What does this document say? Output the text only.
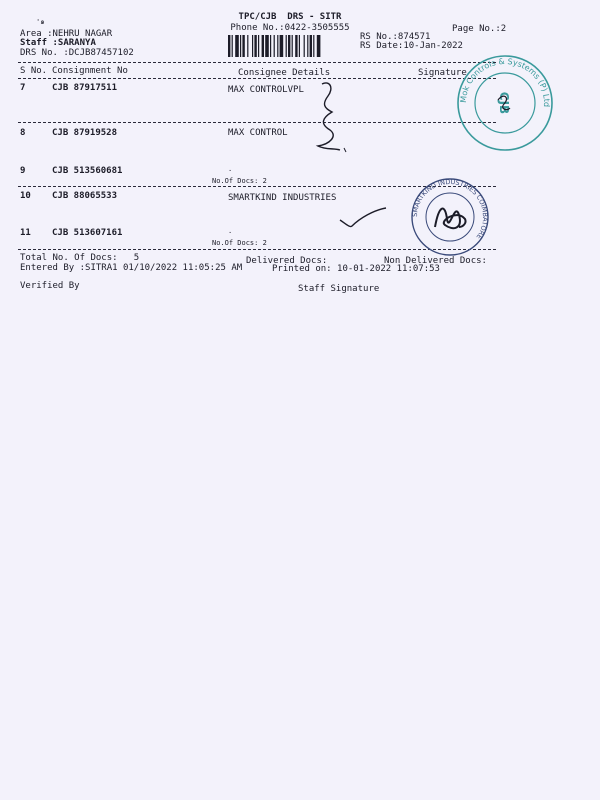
TPC/CJB  DRS - SITR
Phone No.:0422-3505555	Page No.:2
'๑
Area :NEHRU NAGAR
Staff :SARANYA
DRS No. :DCJB87457102
RS No.:874571
RS Date:10-Jan-2022
S No. Consignment No	Consignee Details	Signature
7	CJB 87917511	MAX CONTROLVPL
8	CJB 87919528	MAX CONTROL
9	CJB 513560681	·
No.Of Docs: 2
10 CJB 88065533	SMARTKIND INDUSTRIES
11 CJB 513607161	·
No.Of Docs: 2
Total No. Of Docs:   5	Delivered Docs:	Non Delivered Docs:
Entered By :SITRA1 01/10/2022 11:05:25 AM	Printed on: 10-01-2022 11:07:53
Verified By	Staff Signature
Mok Controls & Systems (P) Ltd
CJB
SMARTKIND INDUSTRIES COIMBATORE
